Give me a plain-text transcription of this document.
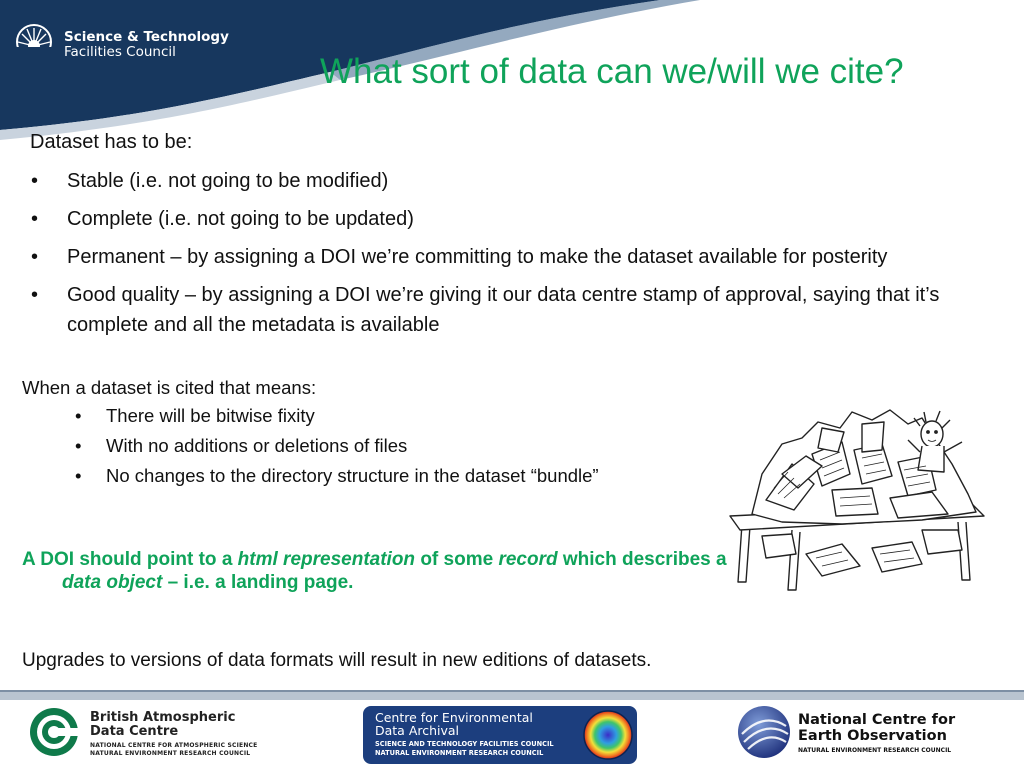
Science & Technology
Facilities Council	What sort of data can we/will we cite?
Dataset has to be:
• Stable (i.e. not going to be modified)
• Complete (i.e. not going to be updated)
• Permanent – by assigning a DOI we’re committing to make the dataset available for posterity
• Good quality – by assigning a DOI we’re giving it our data centre stamp of approval, saying that it’s complete and all the metadata is available
When a dataset is cited that means:
• There will be bitwise fixity
• With no additions or deletions of files
• No changes to the directory structure in the dataset “bundle”
A DOI should point to a html representation of some record which describes a data object – i.e. a landing page.
Upgrades to versions of data formats will result in new editions of datasets.
British Atmospheric
Data Centre
NATIONAL CENTRE FOR ATMOSPHERIC SCIENCE
NATURAL ENVIRONMENT RESEARCH COUNCIL
Centre for Environmental
Data Archival
SCIENCE AND TECHNOLOGY FACILITIES COUNCIL
NATURAL ENVIRONMENT RESEARCH COUNCIL
National Centre for
Earth Observation
NATURAL ENVIRONMENT RESEARCH COUNCIL
